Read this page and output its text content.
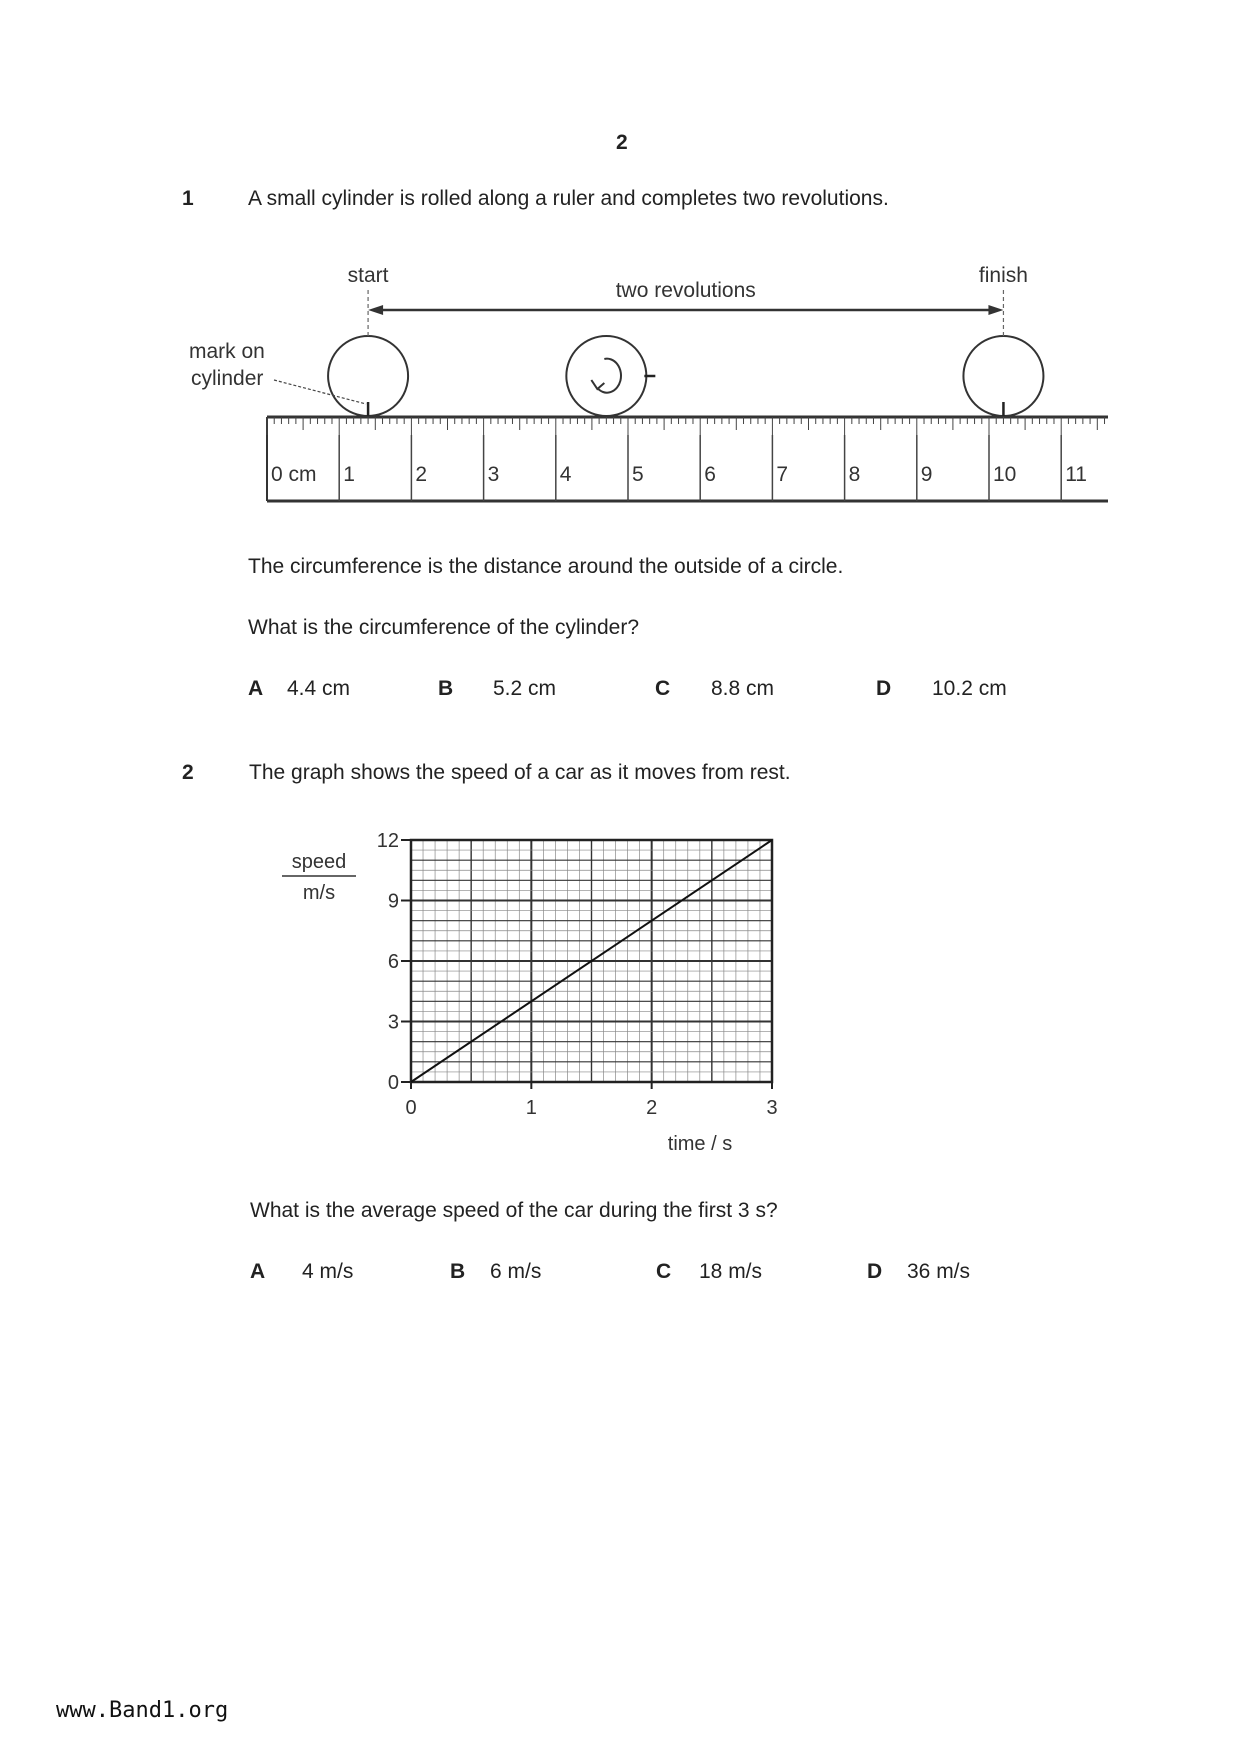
2
1	A small cylinder is rolled along a ruler and completes two revolutions.
0 cm 1	2	3	4	5	6	7	8	9	10 11
start	finish
two revolutions
mark on
cylinder
The circumference is the distance around the outside of a circle.
What is the circumference of the cylinder?
A 4.4 cm	B 5.2 cm	C 8.8 cm	D 10.2 cm
2	The graph shows the speed of a car as it moves from rest.
speed
m/s
time / s
0	1	2	3
0
3
6
9
12
What is the average speed of the car during the first 3 s?
A 4 m/s	B 6 m/s	C 18 m/s	D 36 m/s
www.Band1.org
